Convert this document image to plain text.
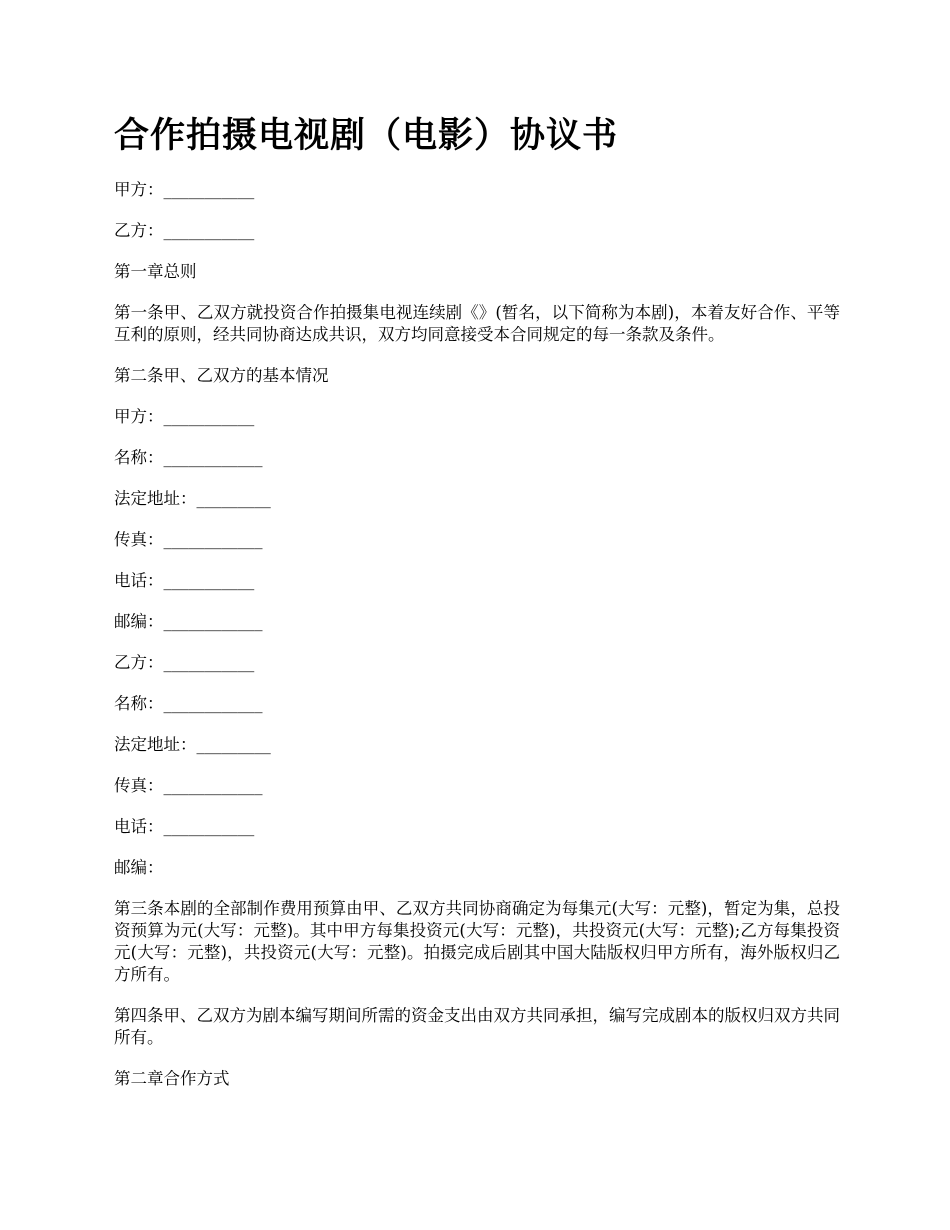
合作拍摄电视剧（电影）协议书

甲方：___________

乙方：___________

第一章总则

第一条甲、乙双方就投资合作拍摄集电视连续剧《》(暂名，以下简称为本剧)，本着友好合作、平等互利的原则，经共同协商达成共识，双方均同意接受本合同规定的每一条款及条件。

第二条甲、乙双方的基本情况

甲方：___________

名称：____________

法定地址：_________

传真：____________

电话：___________

邮编：____________

乙方：___________

名称：____________

法定地址：_________

传真：____________

电话：___________

邮编：

第三条本剧的全部制作费用预算由甲、乙双方共同协商确定为每集元(大写：元整)，暂定为集，总投资预算为元(大写：元整)。其中甲方每集投资元(大写：元整)，共投资元(大写：元整);乙方每集投资元(大写：元整)，共投资元(大写：元整)。拍摄完成后剧其中国大陆版权归甲方所有，海外版权归乙方所有。

第四条甲、乙双方为剧本编写期间所需的资金支出由双方共同承担，编写完成剧本的版权归双方共同所有。

第二章合作方式
